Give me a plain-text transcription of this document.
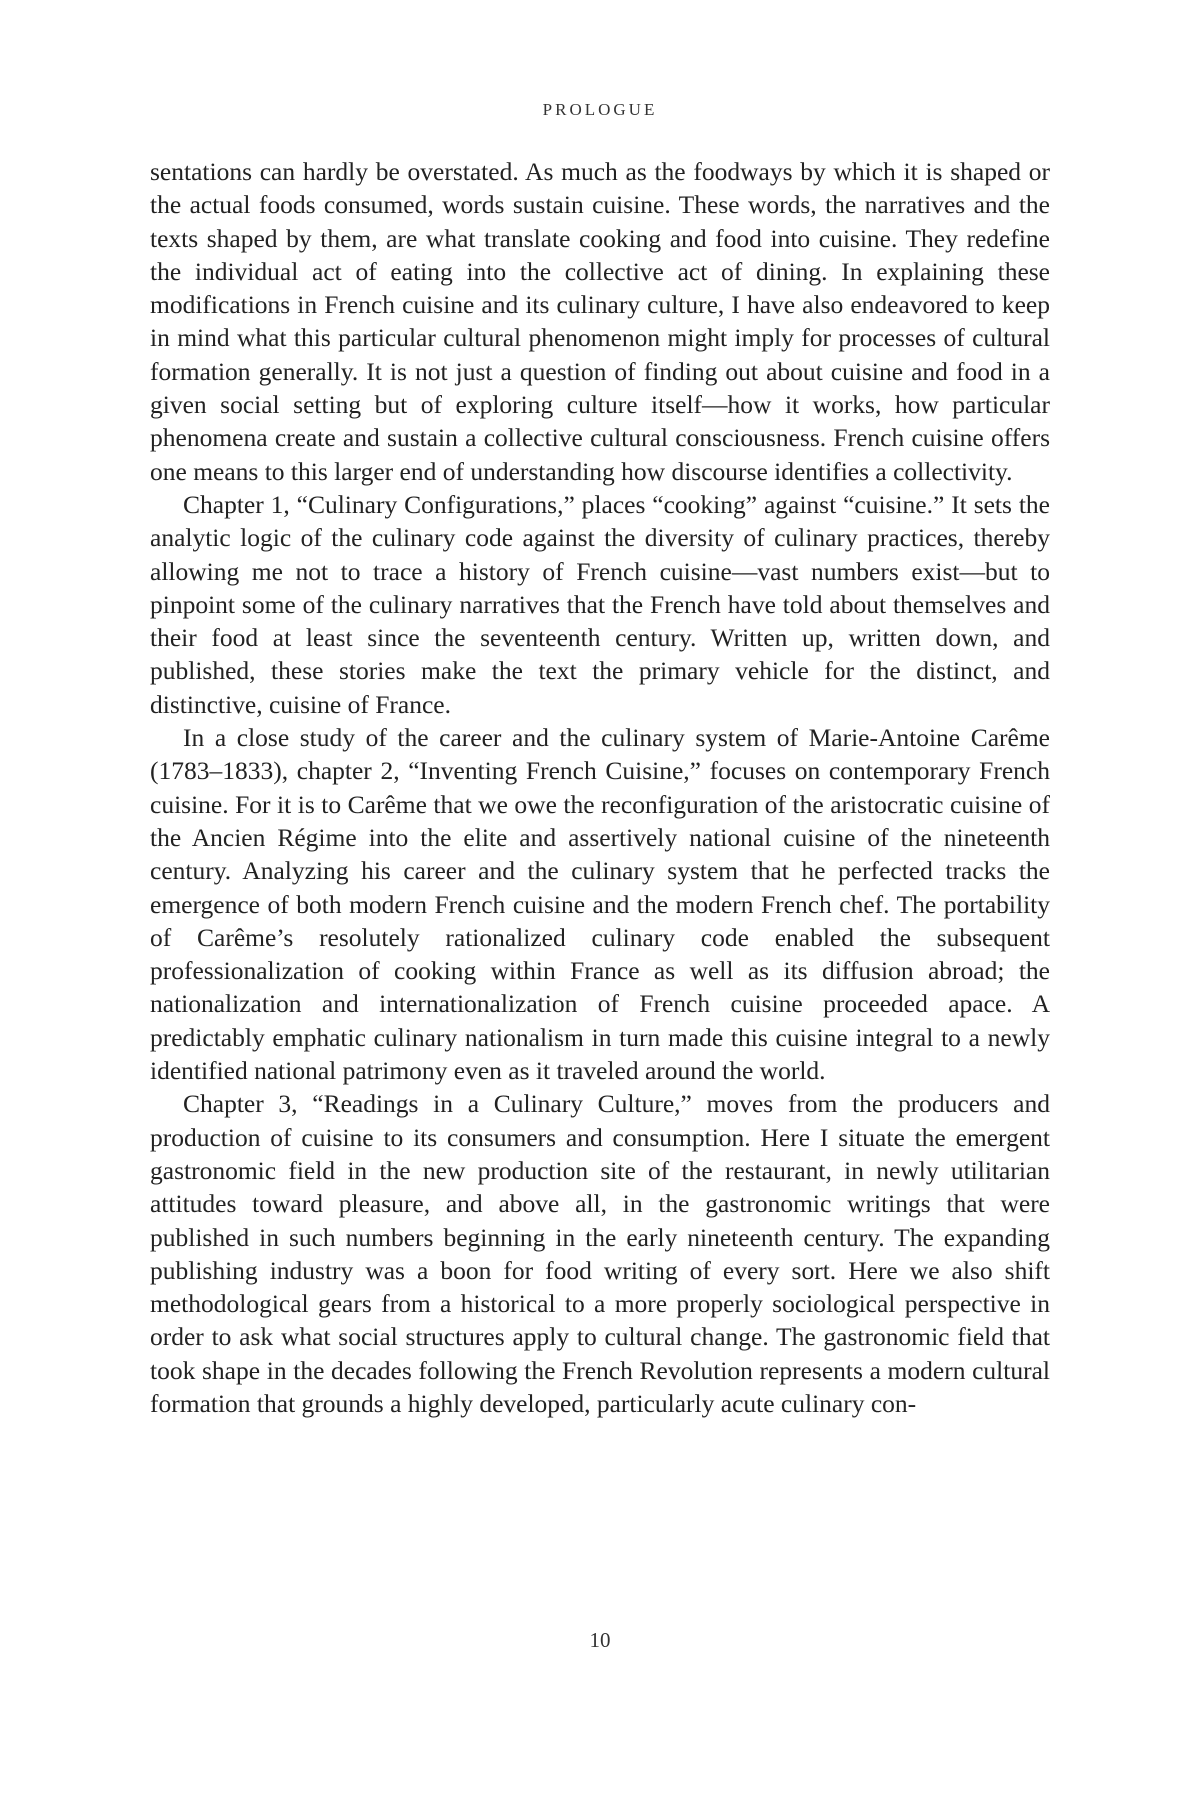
PROLOGUE

sentations can hardly be overstated. As much as the foodways by which it is shaped or the actual foods consumed, words sustain cuisine. These words, the narratives and the texts shaped by them, are what translate cooking and food into cuisine. They redefine the individual act of eating into the collective act of dining. In explaining these modifications in French cuisine and its culinary culture, I have also endeavored to keep in mind what this particular cultural phenomenon might imply for processes of cultural formation generally. It is not just a question of finding out about cuisine and food in a given social setting but of exploring culture itself—how it works, how particular phenomena create and sustain a collective cultural consciousness. French cuisine offers one means to this larger end of understanding how discourse identifies a collectivity.

Chapter 1, “Culinary Configurations,” places “cooking” against “cuisine.” It sets the analytic logic of the culinary code against the diversity of culinary practices, thereby allowing me not to trace a history of French cuisine—vast numbers exist—but to pinpoint some of the culinary narratives that the French have told about themselves and their food at least since the seventeenth century. Written up, written down, and published, these stories make the text the primary vehicle for the distinct, and distinctive, cuisine of France.

In a close study of the career and the culinary system of Marie-Antoine Carême (1783–1833), chapter 2, “Inventing French Cuisine,” focuses on contemporary French cuisine. For it is to Carême that we owe the reconfiguration of the aristocratic cuisine of the Ancien Régime into the elite and assertively national cuisine of the nineteenth century. Analyzing his career and the culinary system that he perfected tracks the emergence of both modern French cuisine and the modern French chef. The portability of Carême’s resolutely rationalized culinary code enabled the subsequent professionalization of cooking within France as well as its diffusion abroad; the nationalization and internationalization of French cuisine proceeded apace. A predictably emphatic culinary nationalism in turn made this cuisine integral to a newly identified national patrimony even as it traveled around the world.

Chapter 3, “Readings in a Culinary Culture,” moves from the producers and production of cuisine to its consumers and consumption. Here I situate the emergent gastronomic field in the new production site of the restaurant, in newly utilitarian attitudes toward pleasure, and above all, in the gastronomic writings that were published in such numbers beginning in the early nineteenth century. The expanding publishing industry was a boon for food writing of every sort. Here we also shift methodological gears from a historical to a more properly sociological perspective in order to ask what social structures apply to cultural change. The gastronomic field that took shape in the decades following the French Revolution represents a modern cultural formation that grounds a highly developed, particularly acute culinary con-

10
